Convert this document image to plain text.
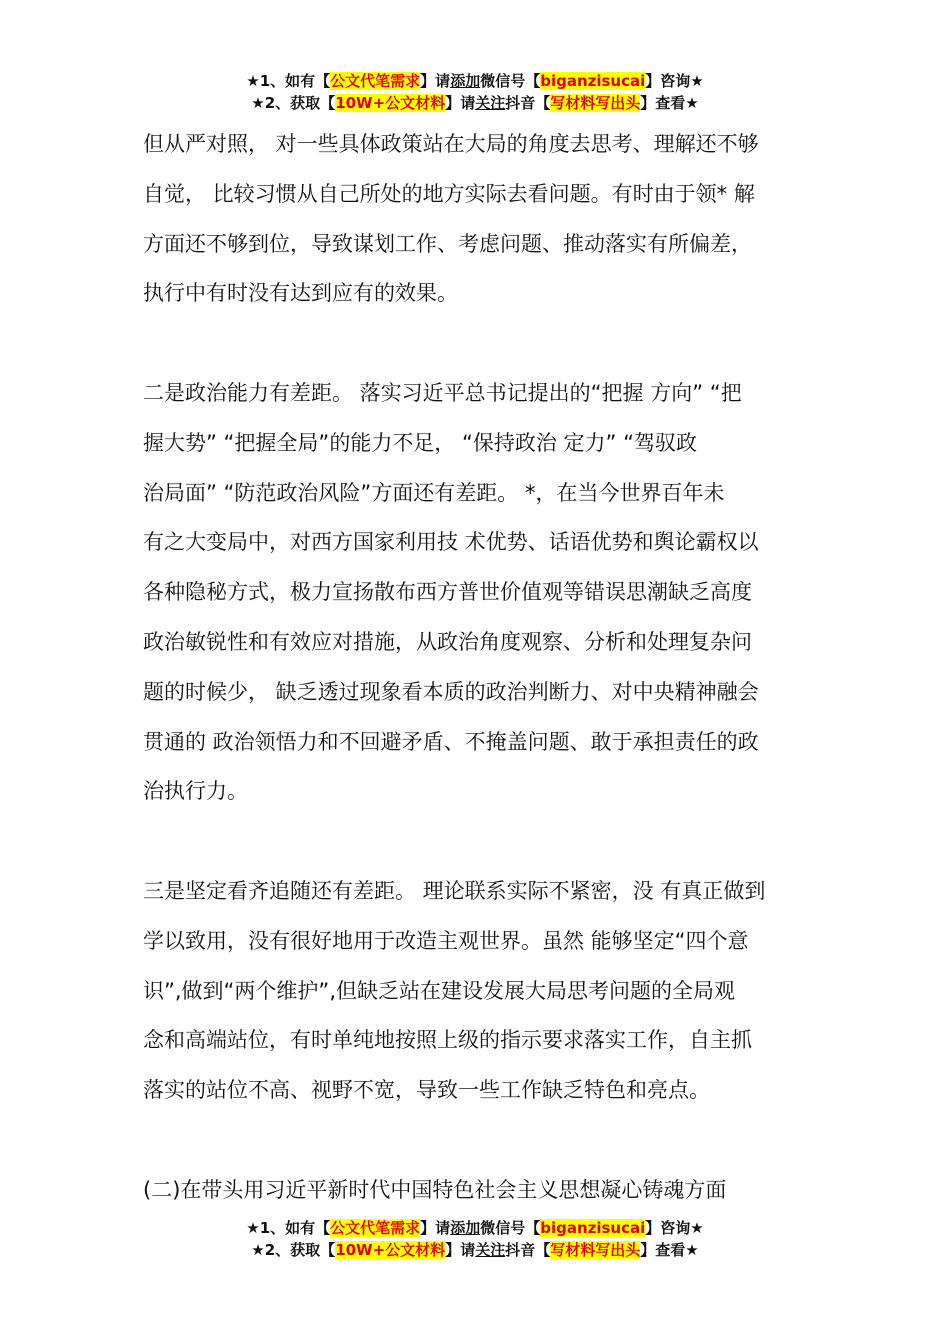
★1、如有【公文代笔需求】请添加微信号【biganzisucai】咨询★
★2、获取【10W+公文材料】请关注抖音【写材料写出头】查看★

但从严对照， 对一些具体政策站在大局的角度去思考、理解还不够
自觉， 比较习惯从自己所处的地方实际去看问题。有时由于领* 解
方面还不够到位，导致谋划工作、考虑问题、推动落实有所偏差，
执行中有时没有达到应有的效果。

二是政治能力有差距。 落实习近平总书记提出的“把握 方向” “把
握大势” “把握全局”的能力不足， “保持政治 定力” “驾驭政
治局面” “防范政治风险”方面还有差距。 *，在当今世界百年未
有之大变局中，对西方国家利用技 术优势、话语优势和舆论霸权以
各种隐秘方式，极力宣扬散布西方普世价值观等错误思潮缺乏高度
政治敏锐性和有效应对措施，从政治角度观察、分析和处理复杂问
题的时候少， 缺乏透过现象看本质的政治判断力、对中央精神融会
贯通的 政治领悟力和不回避矛盾、不掩盖问题、敢于承担责任的政
治执行力。

三是坚定看齐追随还有差距。 理论联系实际不紧密，没 有真正做到
学以致用，没有很好地用于改造主观世界。虽然 能够坚定“四个意
识”,做到“两个维护”,但缺乏站在建设发展大局思考问题的全局观
念和高端站位，有时单纯地按照上级的指示要求落实工作，自主抓
落实的站位不高、视野不宽，导致一些工作缺乏特色和亮点。

(二)在带头用习近平新时代中国特色社会主义思想凝心铸魂方面

★1、如有【公文代笔需求】请添加微信号【biganzisucai】咨询★
★2、获取【10W+公文材料】请关注抖音【写材料写出头】查看★
